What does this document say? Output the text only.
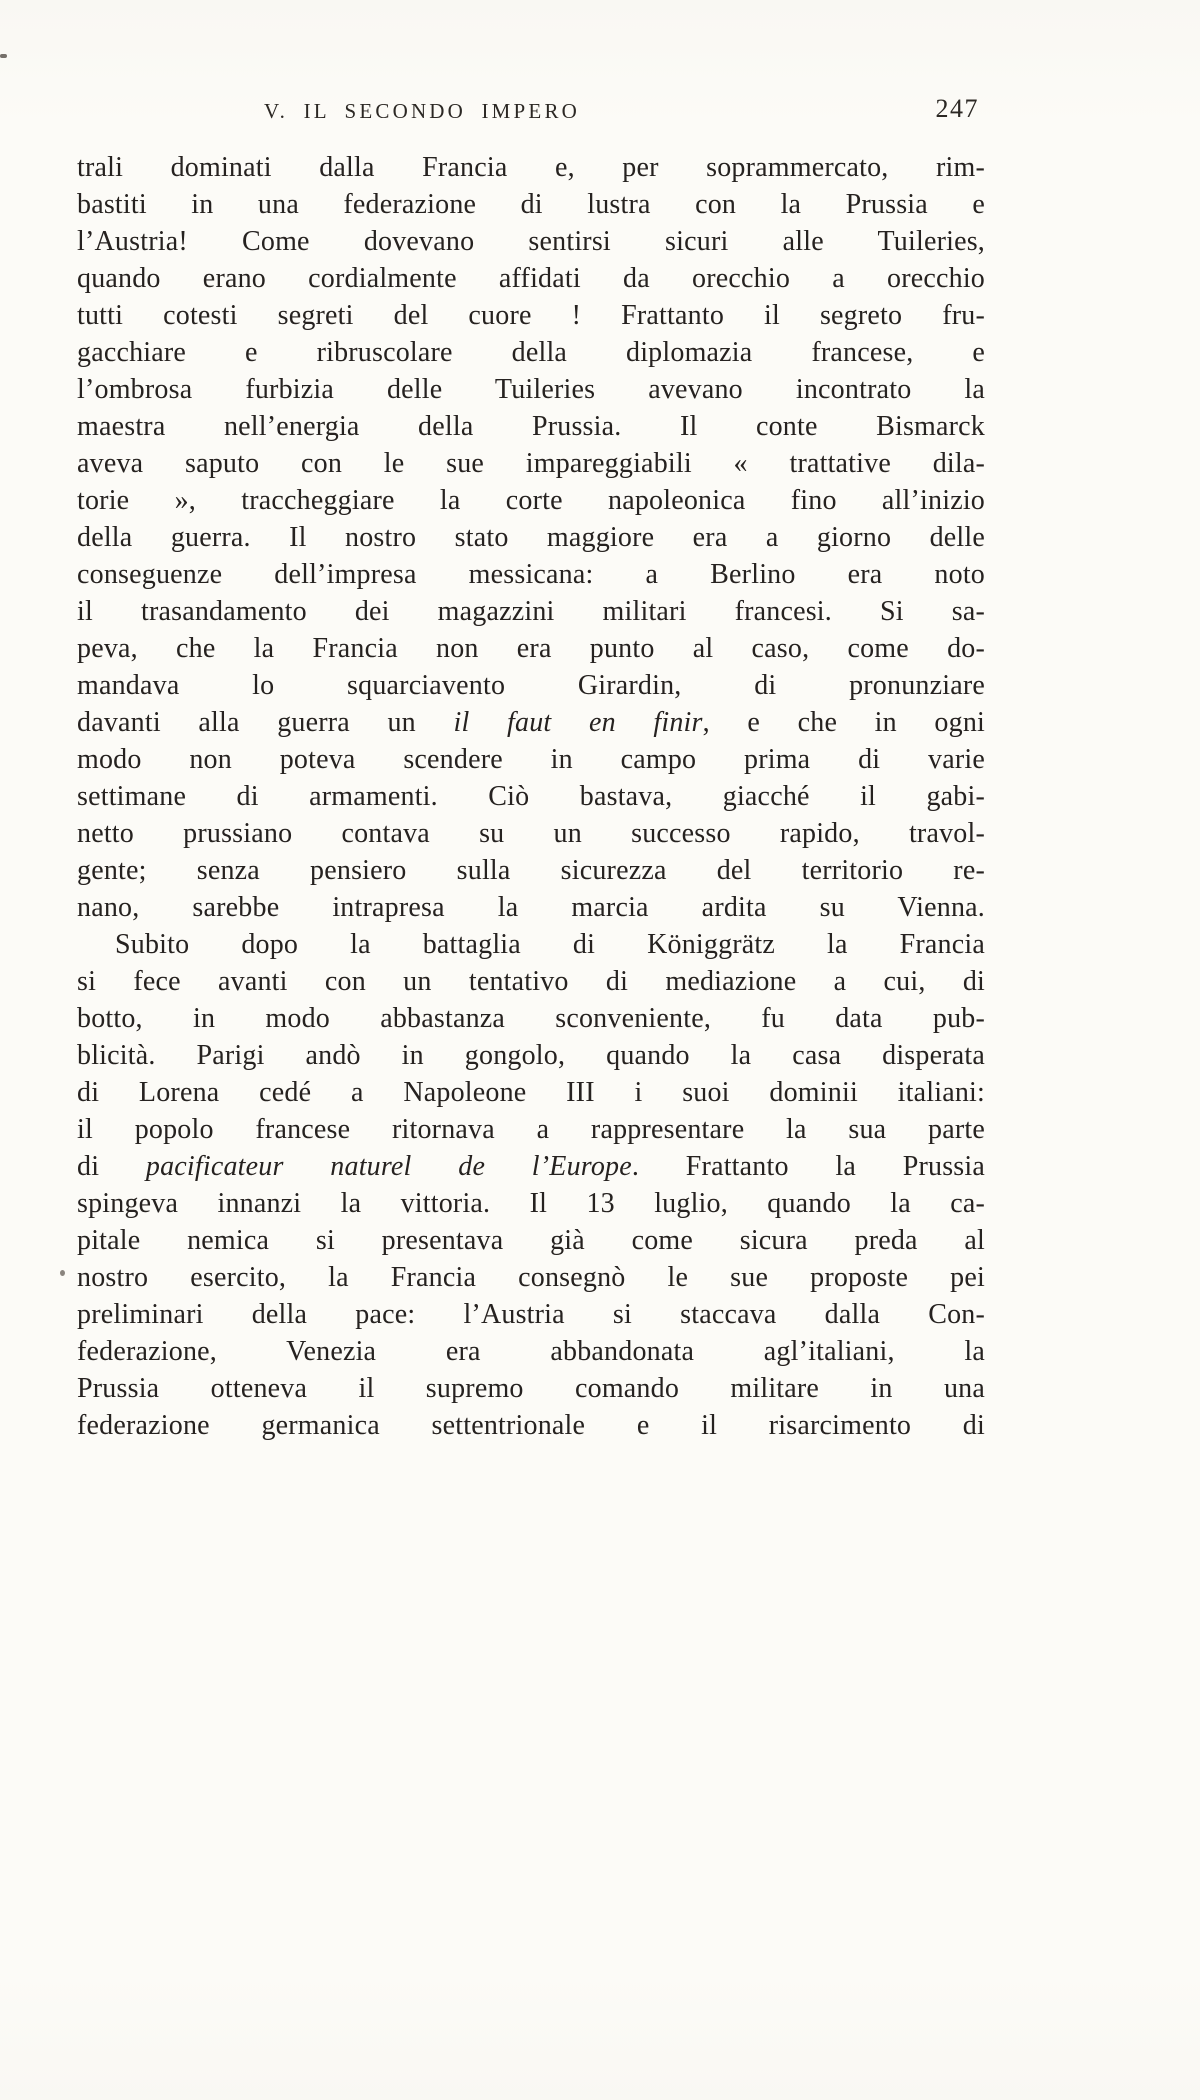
V. IL SECONDO IMPERO	247
trali dominati dalla Francia e, per soprammercato, rim-
bastiti in una federazione di lustra con la Prussia e
l’Austria! Come dovevano sentirsi sicuri alle Tuileries,
quando erano cordialmente affidati da orecchio a orecchio
tutti cotesti segreti del cuore ! Frattanto il segreto fru-
gacchiare e ribruscolare della diplomazia francese, e
l’ombrosa furbizia delle Tuileries avevano incontrato la
maestra nell’energia della Prussia. Il conte Bismarck
aveva saputo con le sue impareggiabili « trattative dila-
torie », traccheggiare la corte napoleonica fino all’inizio
della guerra. Il nostro stato maggiore era a giorno delle
conseguenze dell’impresa messicana: a Berlino era noto
il trasandamento dei magazzini militari francesi. Si sa-
peva, che la Francia non era punto al caso, come do-
mandava lo squarciavento Girardin, di pronunziare
davanti alla guerra un il faut en finir, e che in ogni
modo non poteva scendere in campo prima di varie
settimane di armamenti. Ciò bastava, giacché il gabi-
netto prussiano contava su un successo rapido, travol-
gente; senza pensiero sulla sicurezza del territorio re-
nano, sarebbe intrapresa la marcia ardita su Vienna.
Subito dopo la battaglia di Königgrätz la Francia
si fece avanti con un tentativo di mediazione a cui, di
botto, in modo abbastanza sconveniente, fu data pub-
blicità. Parigi andò in gongolo, quando la casa disperata
di Lorena cedé a Napoleone III i suoi dominii italiani:
il popolo francese ritornava a rappresentare la sua parte
di pacificateur naturel de l’Europe. Frattanto la Prussia
spingeva innanzi la vittoria. Il 13 luglio, quando la ca-
pitale nemica si presentava già come sicura preda al
nostro esercito, la Francia consegnò le sue proposte pei
preliminari della pace: l’Austria si staccava dalla Con-
federazione, Venezia era abbandonata agl’italiani, la
Prussia otteneva il supremo comando militare in una
federazione germanica settentrionale e il risarcimento di
